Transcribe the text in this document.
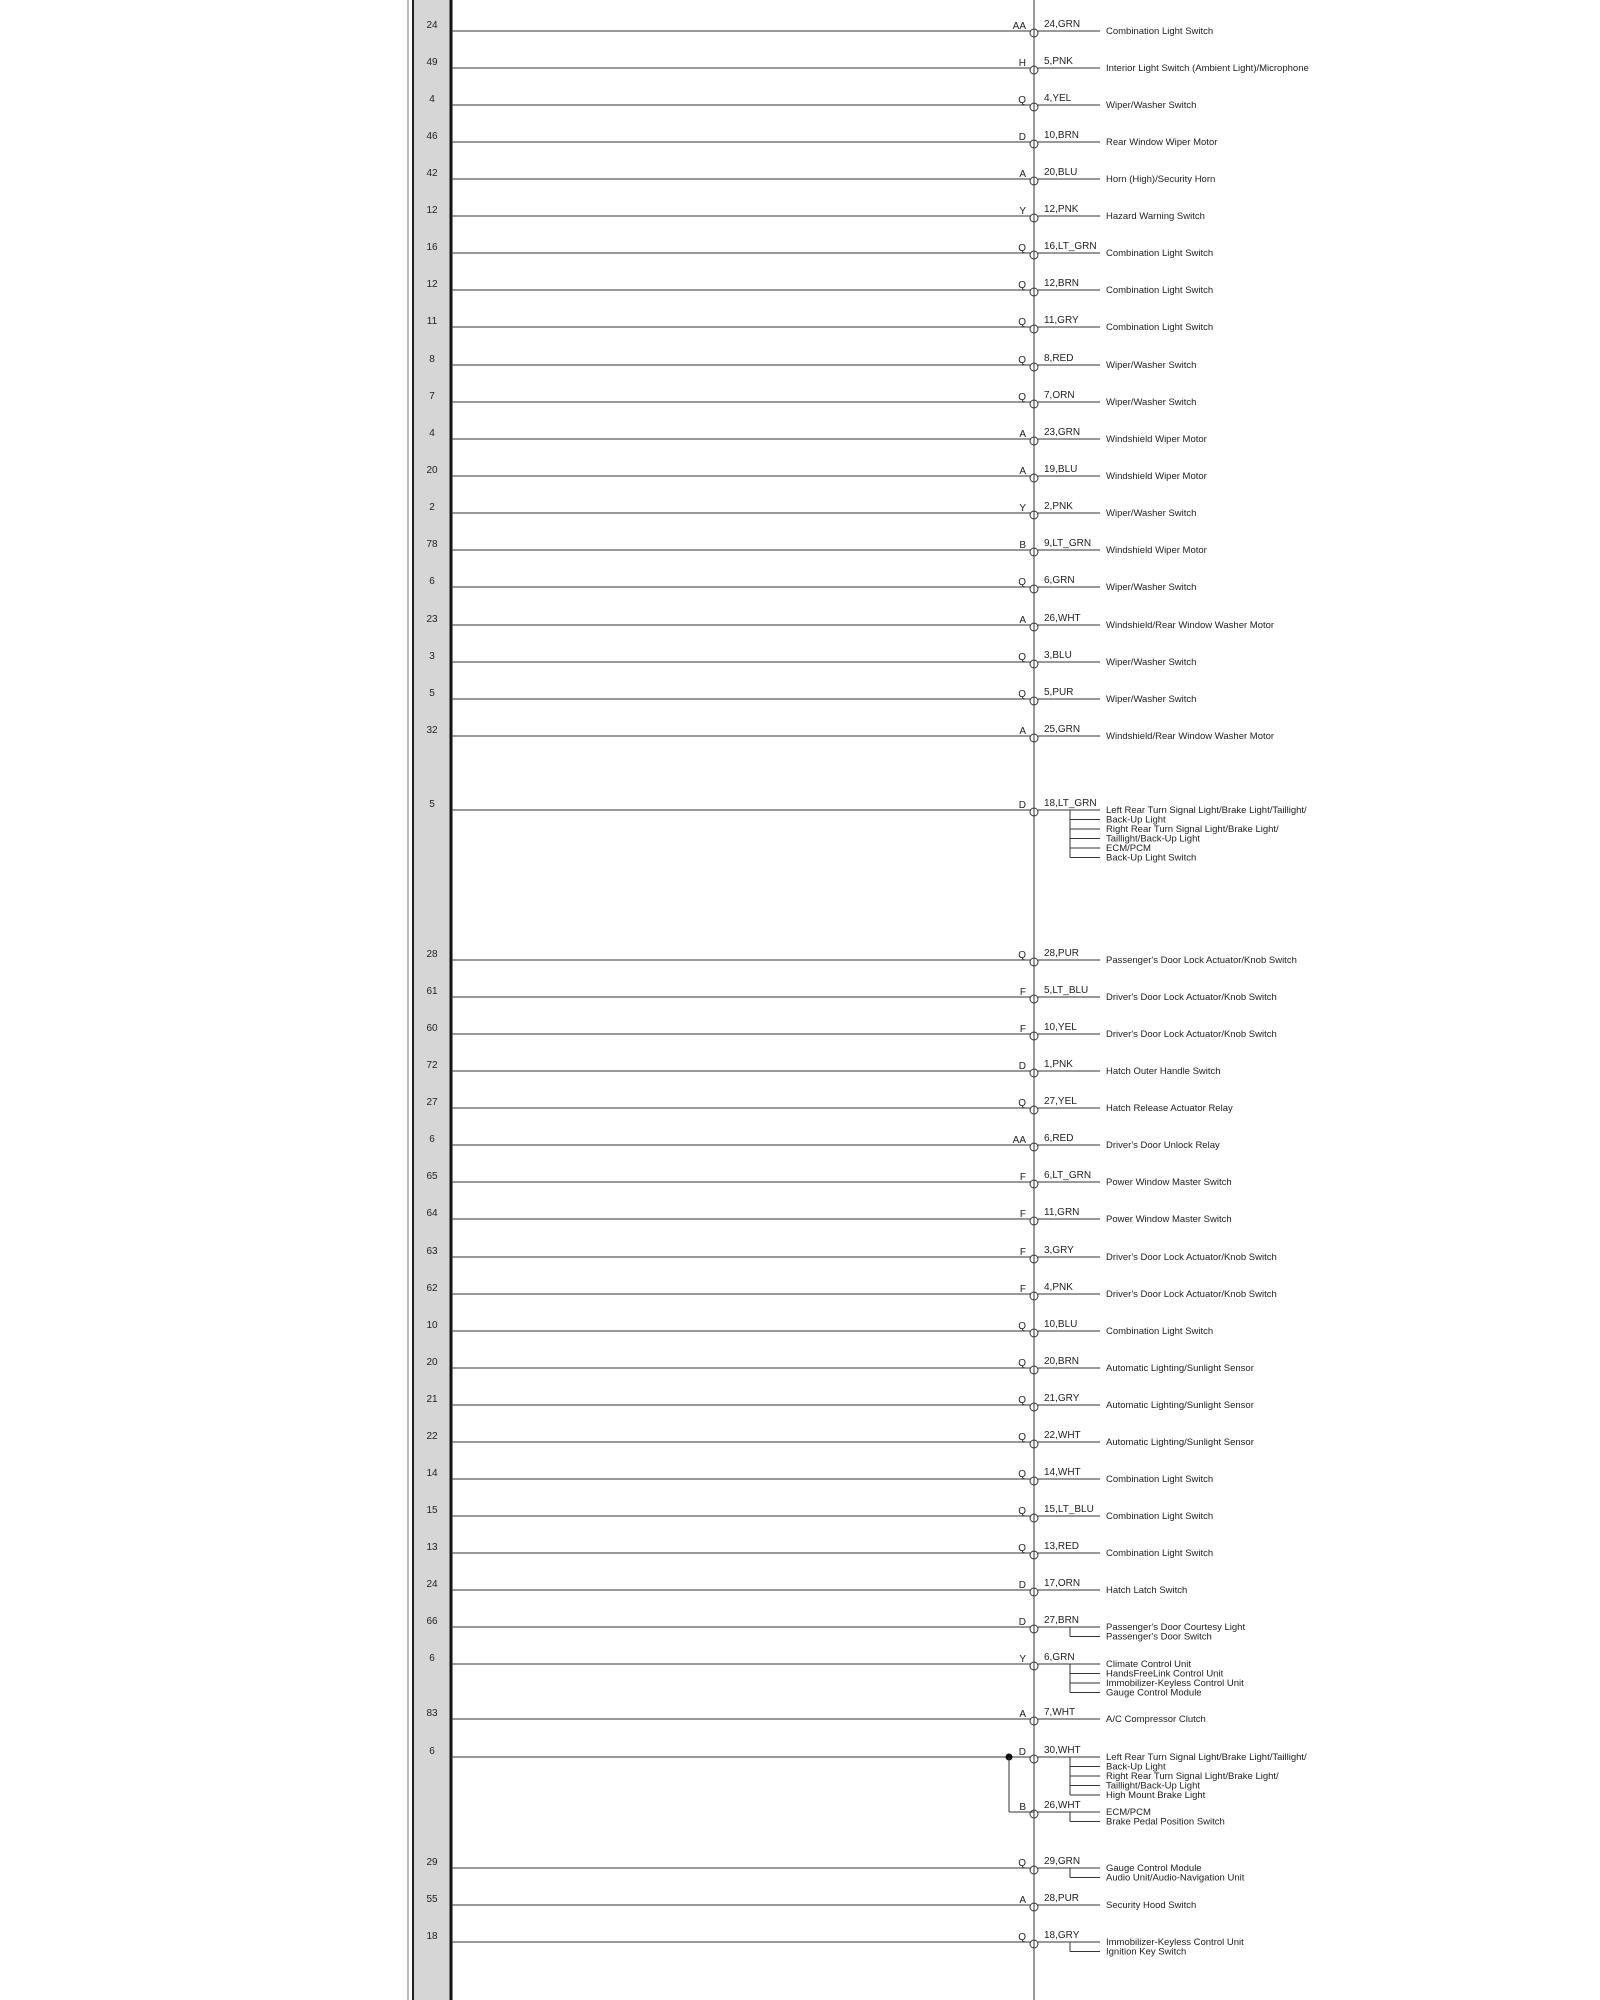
24	AA 24,GRN
Combination Light Switch
49	H 5,PNK
Interior Light Switch (Ambient Light)/Microphone
4	Q 4,YEL
Wiper/Washer Switch
46	D 10,BRN
Rear Window Wiper Motor
42	A 20,BLU
Horn (High)/Security Horn
12	Y 12,PNK
Hazard Warning Switch
16	Q 16,LT_GRN
Combination Light Switch
12	Q 12,BRN
Combination Light Switch
11	Q 11,GRY
Combination Light Switch
8	Q 8,RED
Wiper/Washer Switch
7	Q 7,ORN
Wiper/Washer Switch
4	A 23,GRN
Windshield Wiper Motor
20	A 19,BLU
Windshield Wiper Motor
2	Y 2,PNK
Wiper/Washer Switch
78	B 9,LT_GRN
Windshield Wiper Motor
6	Q 6,GRN
Wiper/Washer Switch
23	A 26,WHT
Windshield/Rear Window Washer Motor
3	Q 3,BLU
Wiper/Washer Switch
5	Q 5,PUR
Wiper/Washer Switch
32	A 25,GRN
Windshield/Rear Window Washer Motor
5	D 18,LT_GRN
Left Rear Turn Signal Light/Brake Light/Taillight/
Back-Up Light
Right Rear Turn Signal Light/Brake Light/
Taillight/Back-Up Light
ECM/PCM
Back-Up Light Switch
28	Q 28,PUR
Passenger's Door Lock Actuator/Knob Switch
61	F 5,LT_BLU
Driver's Door Lock Actuator/Knob Switch
60	F 10,YEL
Driver's Door Lock Actuator/Knob Switch
72	D 1,PNK
Hatch Outer Handle Switch
27	Q 27,YEL
Hatch Release Actuator Relay
6	AA 6,RED
Driver's Door Unlock Relay
65	F 6,LT_GRN
Power Window Master Switch
64	F 11,GRN
Power Window Master Switch
63	F 3,GRY
Driver's Door Lock Actuator/Knob Switch
62	F 4,PNK
Driver's Door Lock Actuator/Knob Switch
10	Q 10,BLU
Combination Light Switch
20	Q 20,BRN
Automatic Lighting/Sunlight Sensor
21	Q 21,GRY
Automatic Lighting/Sunlight Sensor
22	Q 22,WHT
Automatic Lighting/Sunlight Sensor
14	Q 14,WHT
Combination Light Switch
15	Q 15,LT_BLU
Combination Light Switch
13	Q 13,RED
Combination Light Switch
24	D 17,ORN
Hatch Latch Switch
66	D 27,BRN
Passenger's Door Courtesy Light
Passenger's Door Switch
6	Y 6,GRN
Climate Control Unit
HandsFreeLink Control Unit
Immobilizer-Keyless Control Unit
Gauge Control Module
83	A 7,WHT
A/C Compressor Clutch
6	D 30,WHT
Left Rear Turn Signal Light/Brake Light/Taillight/
Back-Up Light
Right Rear Turn Signal Light/Brake Light/
Taillight/Back-Up Light
High Mount Brake Light
B 26,WHT
ECM/PCM
Brake Pedal Position Switch
29	Q 29,GRN
Gauge Control Module
Audio Unit/Audio-Navigation Unit
55	A 28,PUR
Security Hood Switch
18	Q 18,GRY
Immobilizer-Keyless Control Unit
Ignition Key Switch
